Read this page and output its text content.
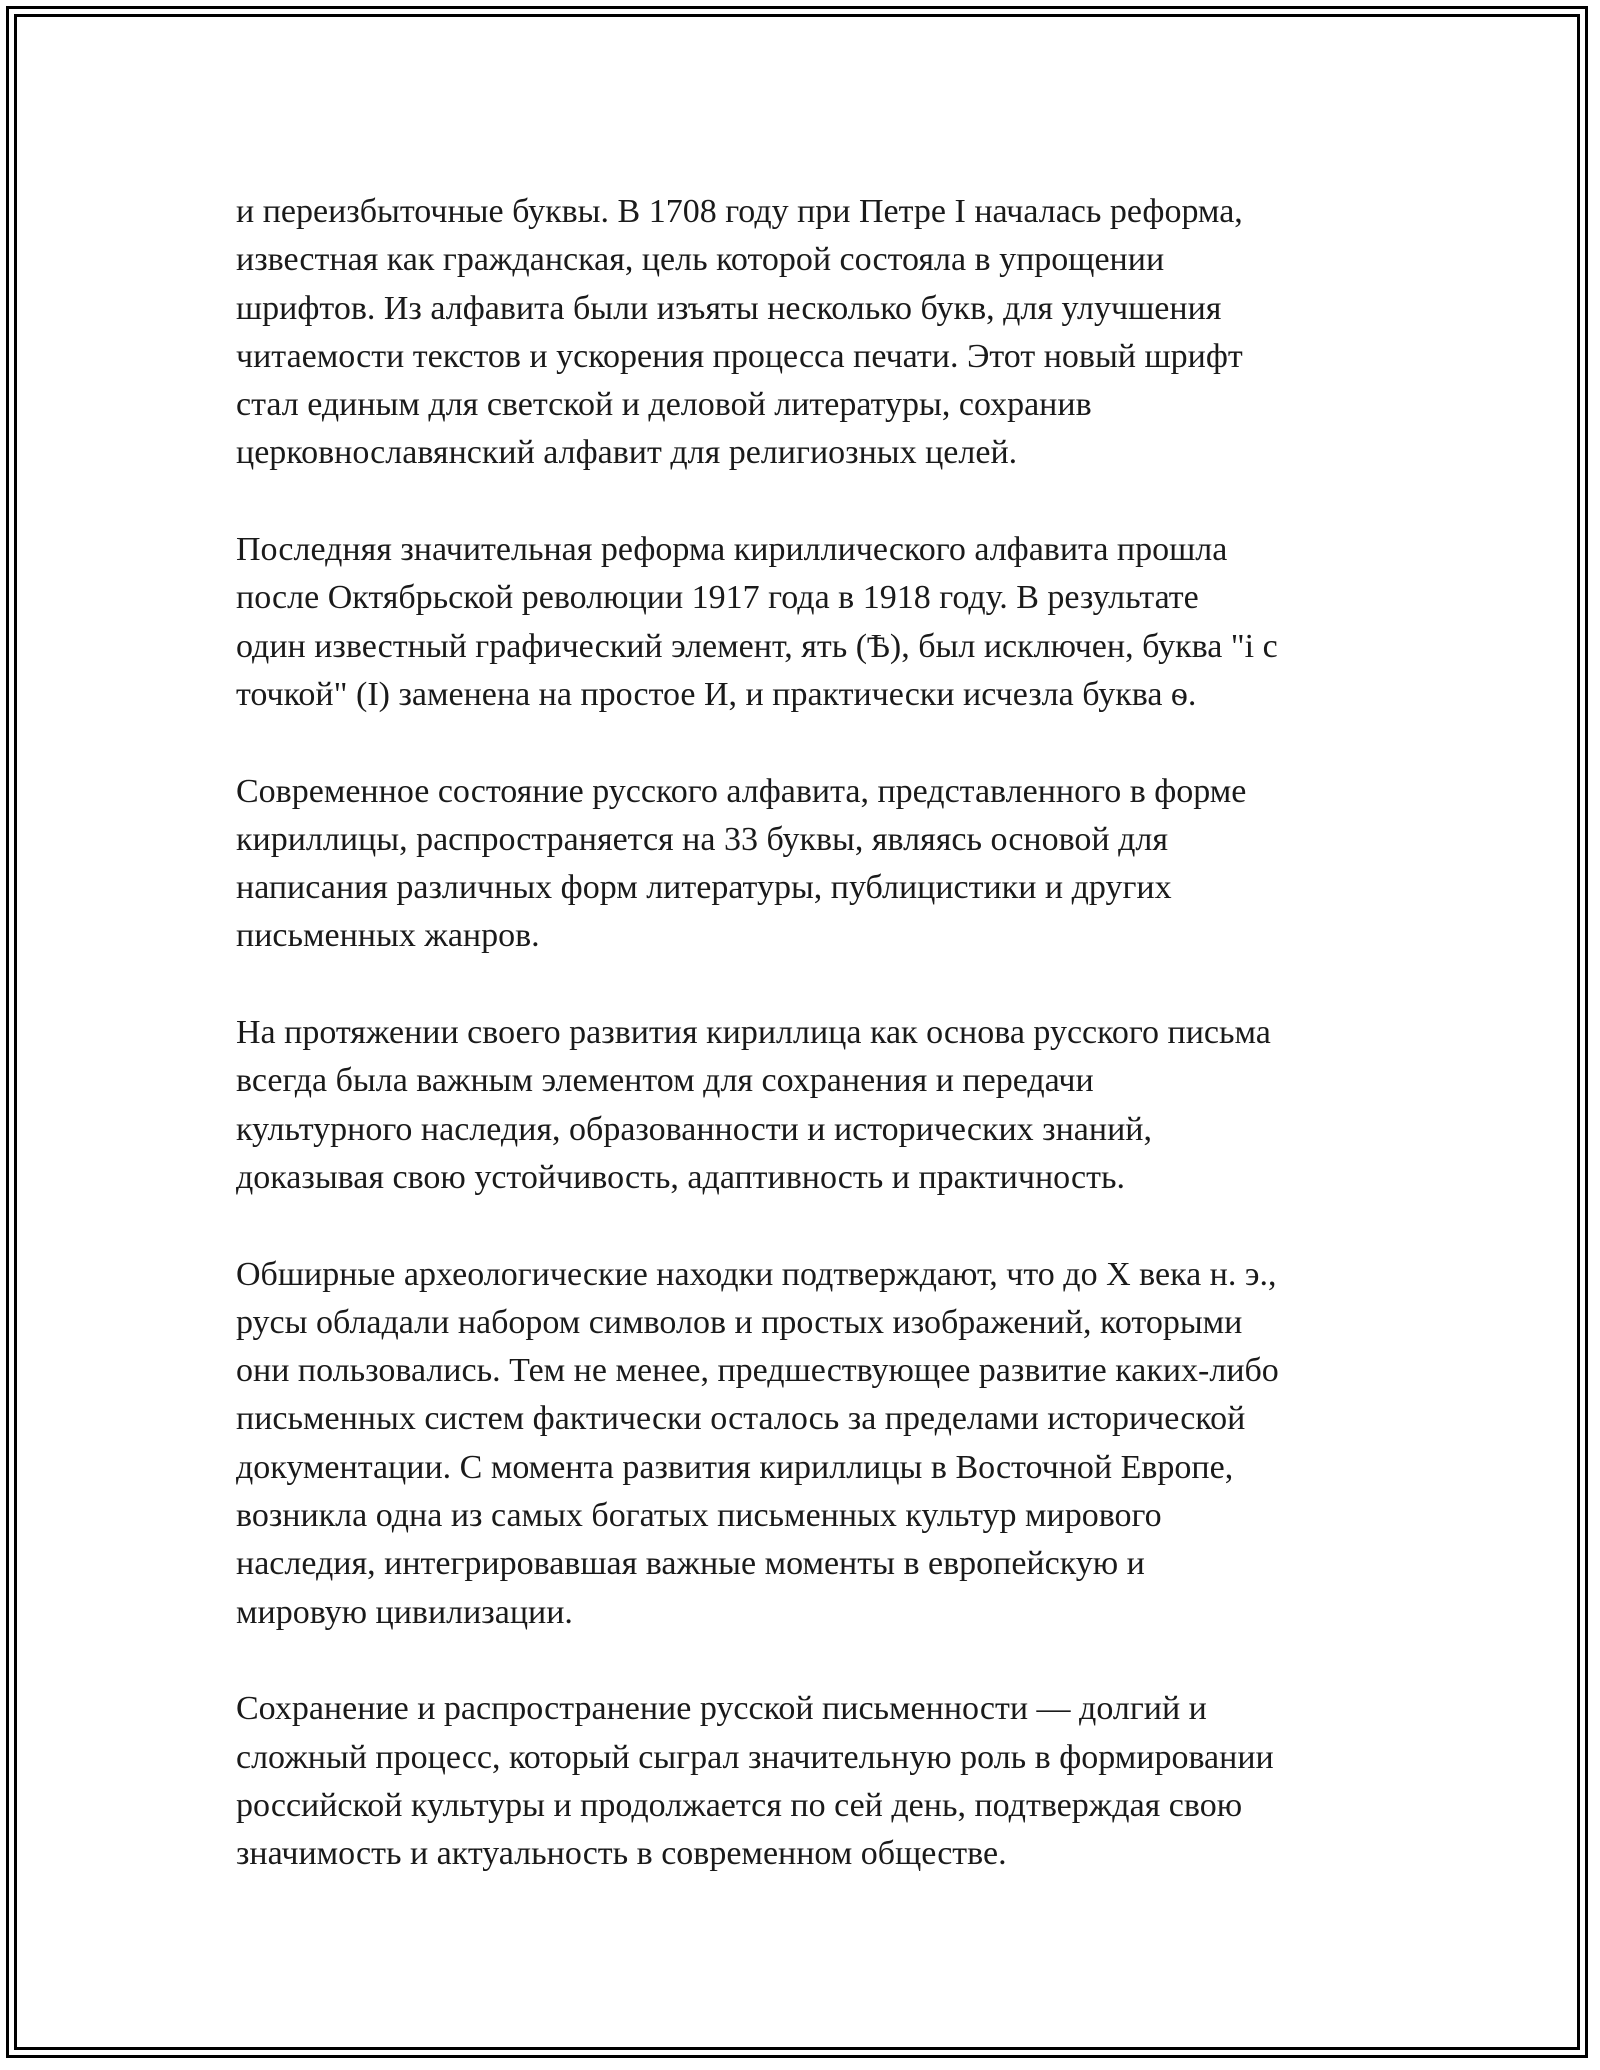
и переизбыточные буквы. В 1708 году при Петре I началась реформа,
известная как гражданская, цель которой состояла в упрощении
шрифтов. Из алфавита были изъяты несколько букв, для улучшения
читаемости текстов и ускорения процесса печати. Этот новый шрифт
стал единым для светской и деловой литературы, сохранив
церковнославянский алфавит для религиозных целей.

Последняя значительная реформа кириллического алфавита прошла
после Октябрьской революции 1917 года в 1918 году. В результате
один известный графический элемент, ять (Ѣ), был исключен, буква "і с
точкой" (І) заменена на простое И, и практически исчезла буква ѳ.

Современное состояние русского алфавита, представленного в форме
кириллицы, распространяется на 33 буквы, являясь основой для
написания различных форм литературы, публицистики и других
письменных жанров.

На протяжении своего развития кириллица как основа русского письма
всегда была важным элементом для сохранения и передачи
культурного наследия, образованности и исторических знаний,
доказывая свою устойчивость, адаптивность и практичность.

Обширные археологические находки подтверждают, что до X века н. э.,
русы обладали набором символов и простых изображений, которыми
они пользовались. Тем не менее, предшествующее развитие каких-либо
письменных систем фактически осталось за пределами исторической
документации. С момента развития кириллицы в Восточной Европе,
возникла одна из самых богатых письменных культур мирового
наследия, интегрировавшая важные моменты в европейскую и
мировую цивилизации.

Сохранение и распространение русской письменности — долгий и
сложный процесс, который сыграл значительную роль в формировании
российской культуры и продолжается по сей день, подтверждая свою
значимость и актуальность в современном обществе.
